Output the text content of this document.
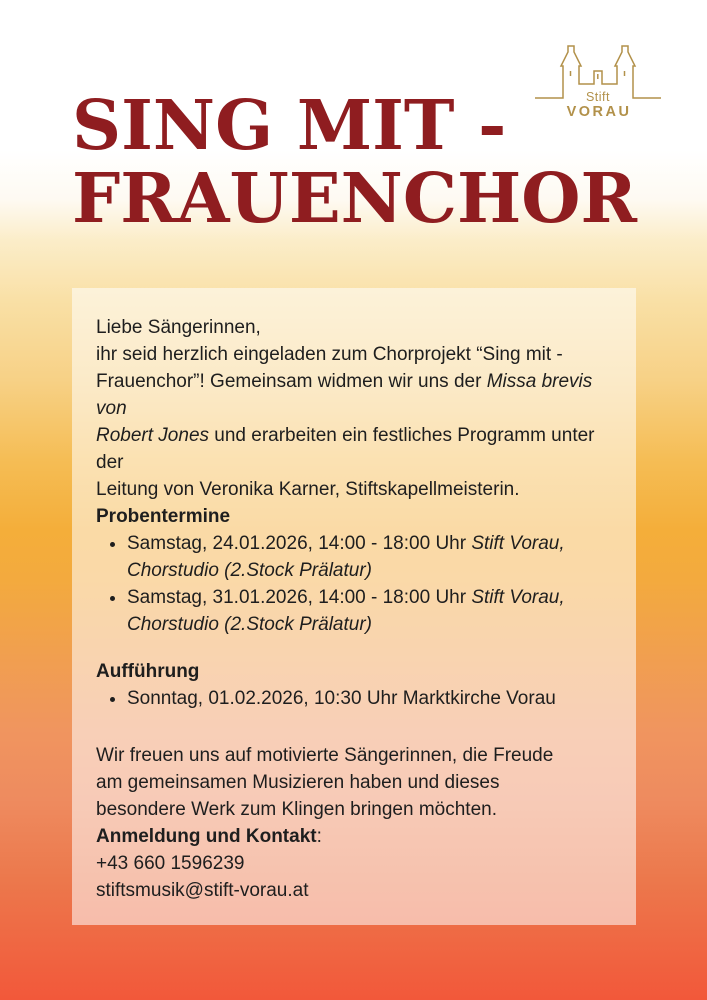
Stift
VORAU
SING MIT -
FRAUENCHOR

Liebe Sängerinnen,

ihr seid herzlich eingeladen zum Chorprojekt “Sing mit -
Frauenchor”! Gemeinsam widmen wir uns der Missa brevis von
Robert Jones und erarbeiten ein festliches Programm unter der
Leitung von Veronika Karner, Stiftskapellmeisterin.

Probentermine
• Samstag, 24.01.2026, 14:00 - 18:00 Uhr Stift Vorau,
Chorstudio (2.Stock Prälatur)
• Samstag, 31.01.2026, 14:00 - 18:00 Uhr Stift Vorau,
Chorstudio (2.Stock Prälatur)
Aufführung
• Sonntag, 01.02.2026, 10:30 Uhr Marktkirche Vorau

Wir freuen uns auf motivierte Sängerinnen, die Freude
am gemeinsamen Musizieren haben und dieses
besondere Werk zum Klingen bringen möchten.

Anmeldung und Kontakt:

+43 660 1596239

stiftsmusik@stift-vorau.at
